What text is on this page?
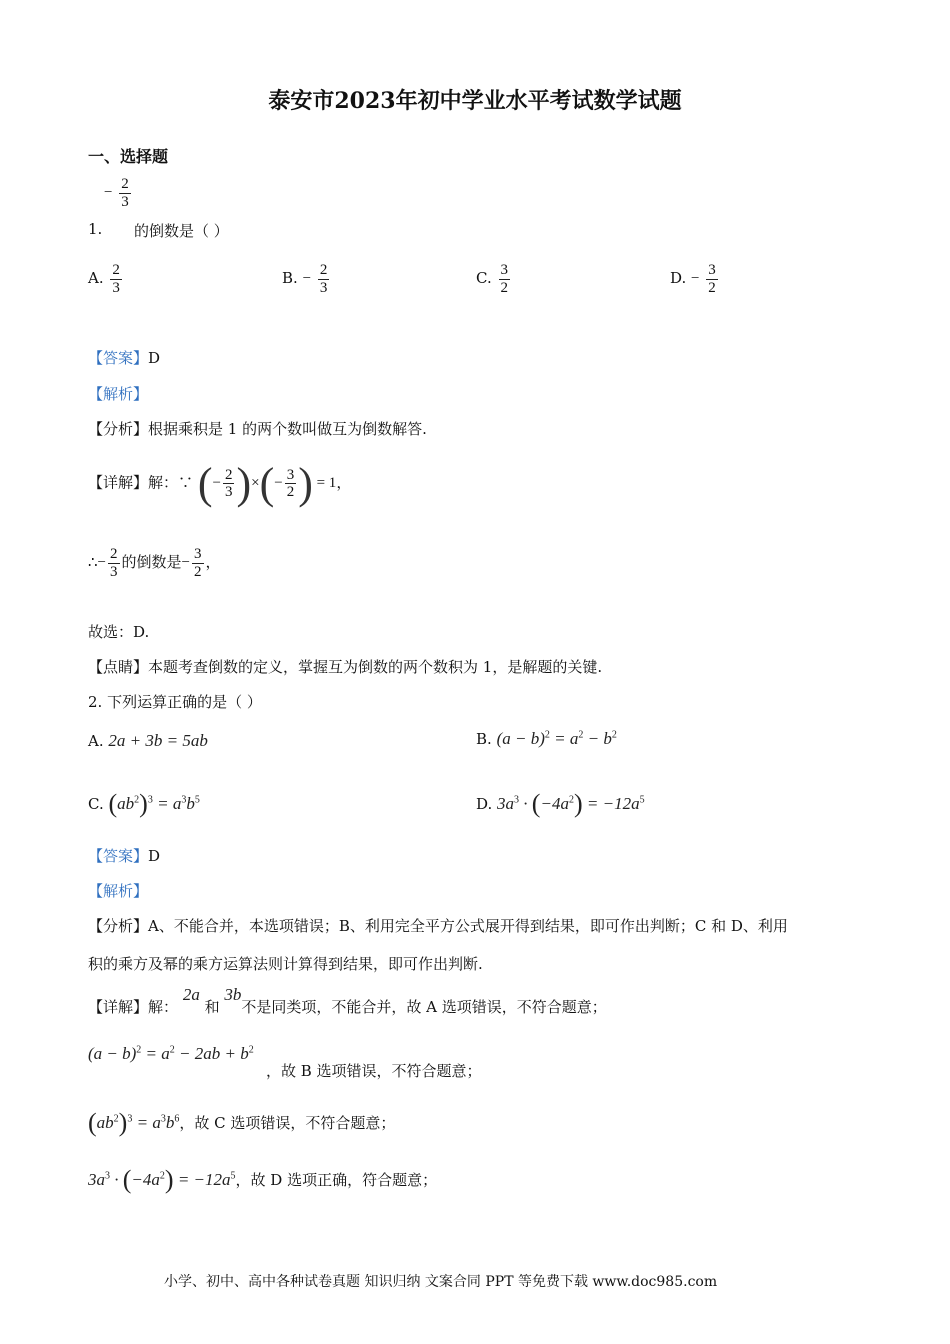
泰安市2023年初中学业水平考试数学试题
一、选择题
− $\frac{2}{3}$
1. 的倒数是（ ）
A. $\frac{2}{3}$	B. − $\frac{2}{3}$	C. $\frac{3}{2}$	D. − $\frac{3}{2}$
【答案】D
【解析】
【分析】根据乘积是 1 的两个数叫做互为倒数解答.
【详解】解：∵ (− $\frac{2}{3}$ )×(− $\frac{3}{2}$ ) = 1，
∴− $\frac{2}{3}$ 的倒数是− $\frac{3}{2}$ ，
故选：D.
【点睛】本题考查倒数的定义，掌握互为倒数的两个数积为 1，是解题的关键.
2. 下列运算正确的是（ ）
A. 2a + 3b = 5ab	B. $(a - b)^2 = a^2 - b^2$
C. $(ab^2)^3 = a^3b^5$	D. $3a^3 \cdot (-4a^2) = -12a^5$
【答案】D
【解析】
【分析】A、不能合并，本选项错误；B、利用完全平方公式展开得到结果，即可作出判断；C 和 D、利用
积的乘方及幂的乘方运算法则计算得到结果，即可作出判断.
【详解】解： 2a 和 3b不是同类项，不能合并，故 A 选项错误，不符合题意；
$(a - b)^2 = a^2 - 2ab + b^2$
，故 B 选项错误，不符合题意；
$(ab^2)^3 = a^3b^6$，故 C 选项错误，不符合题意；
$3a^3 \cdot (-4a^2) = -12a^5$，故 D 选项正确，符合题意；
小学、初中、高中各种试卷真题 知识归纳 文案合同 PPT 等免费下载 www.doc985.com
